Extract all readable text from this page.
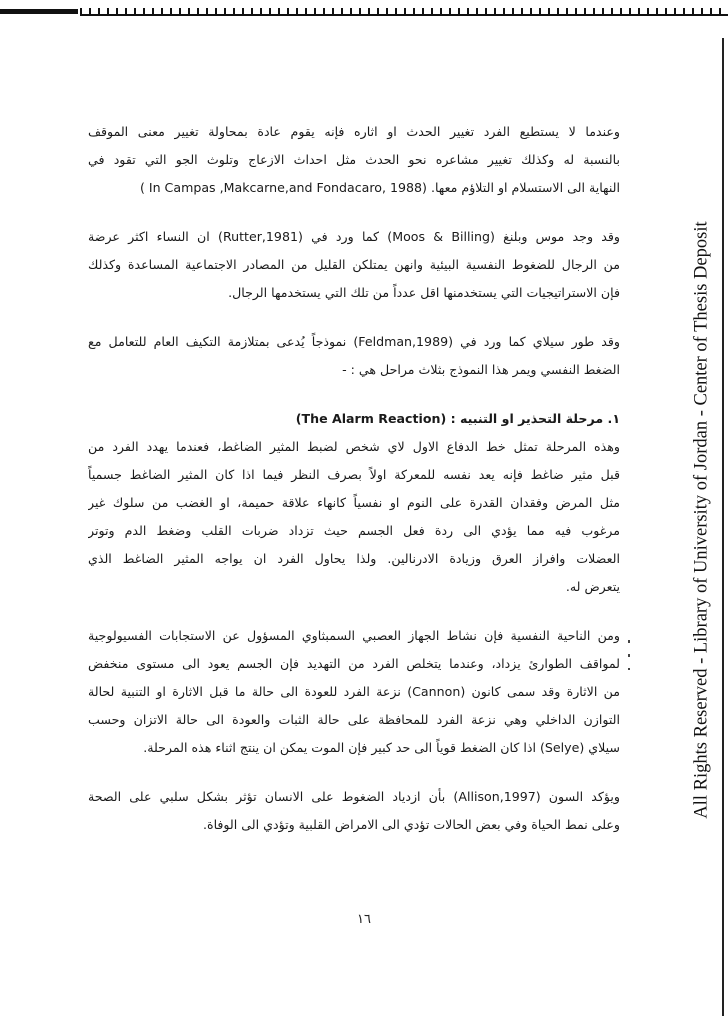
All Rights Reserved - Library of University of Jordan - Center of Thesis Deposit
وعندما لا يستطيع الفرد تغيير الحدث او اثاره فإنه يقوم عادة بمحاولة تغيير معنى الموقف
بالنسبة له وكذلك تغيير مشاعره نحو الحدث مثل احداث الازعاج وتلوث الجو التي تقود في
النهاية الى الاستسلام او التلاؤم معها. (In Campas ,Makcarne,and Fondacaro, 1988 )
وقد وجد موس وبلنغ (Moos & Billing) كما ورد في (Rutter,1981) ان النساء اكثر عرضة
من الرجال للضغوط النفسية البيئية وانهن يمتلكن القليل من المصادر الاجتماعية المساعدة وكذلك
فإن الاستراتيجيات التي يستخدمنها اقل عدداً من تلك التي يستخدمها الرجال.
وقد طور سيلاي كما ورد في (Feldman,1989) نموذجاً يُدعى بمتلازمة التكيف العام للتعامل مع
الضغط النفسي ويمر هذا النموذج بثلاث مراحل هي : -
١. مرحلة التحذير او التنبيه : (The Alarm Reaction)
وهذه المرحلة تمثل خط الدفاع الاول لاي شخص لضبط المثير الضاغط، فعندما يهدد الفرد من
قبل مثير ضاغط فإنه يعد نفسه للمعركة اولاً بصرف النظر فيما اذا كان المثير الضاغط جسمياً
مثل المرض وفقدان القدرة على النوم او نفسياً كانهاء علاقة حميمة، او الغضب من سلوك غير
مرغوب فيه مما يؤدي الى ردة فعل الجسم حيث تزداد ضربات القلب وضغط الدم وتوتر
العضلات وافراز العرق وزيادة الادرنالين. ولذا يحاول الفرد ان يواجه المثير الضاغط الذي
يتعرض له.
ومن الناحية النفسية فإن نشاط الجهاز العصبي السمبثاوي المسؤول عن الاستجابات الفسيولوجية
لمواقف الطوارئ يزداد، وعندما يتخلص الفرد من التهديد فإن الجسم يعود الى مستوى منخفض
من الاثارة وقد سمى كانون (Cannon) نزعة الفرد للعودة الى حالة ما قبل الاثارة او التنبية لحالة
التوازن الداخلي وهي نزعة الفرد للمحافظة على حالة الثبات والعودة الى حالة الاتزان وحسب
سيلاي (Selye) اذا كان الضغط قوياً الى حد كبير فإن الموت يمكن ان ينتج اثناء هذه المرحلة.
ويؤكد السون (Allison,1997) بأن ازدياد الضغوط على الانسان تؤثر بشكل سلبي على الصحة
وعلى نمط الحياة وفي بعض الحالات تؤدي الى الامراض القلبية وتؤدي الى الوفاة.
١٦
